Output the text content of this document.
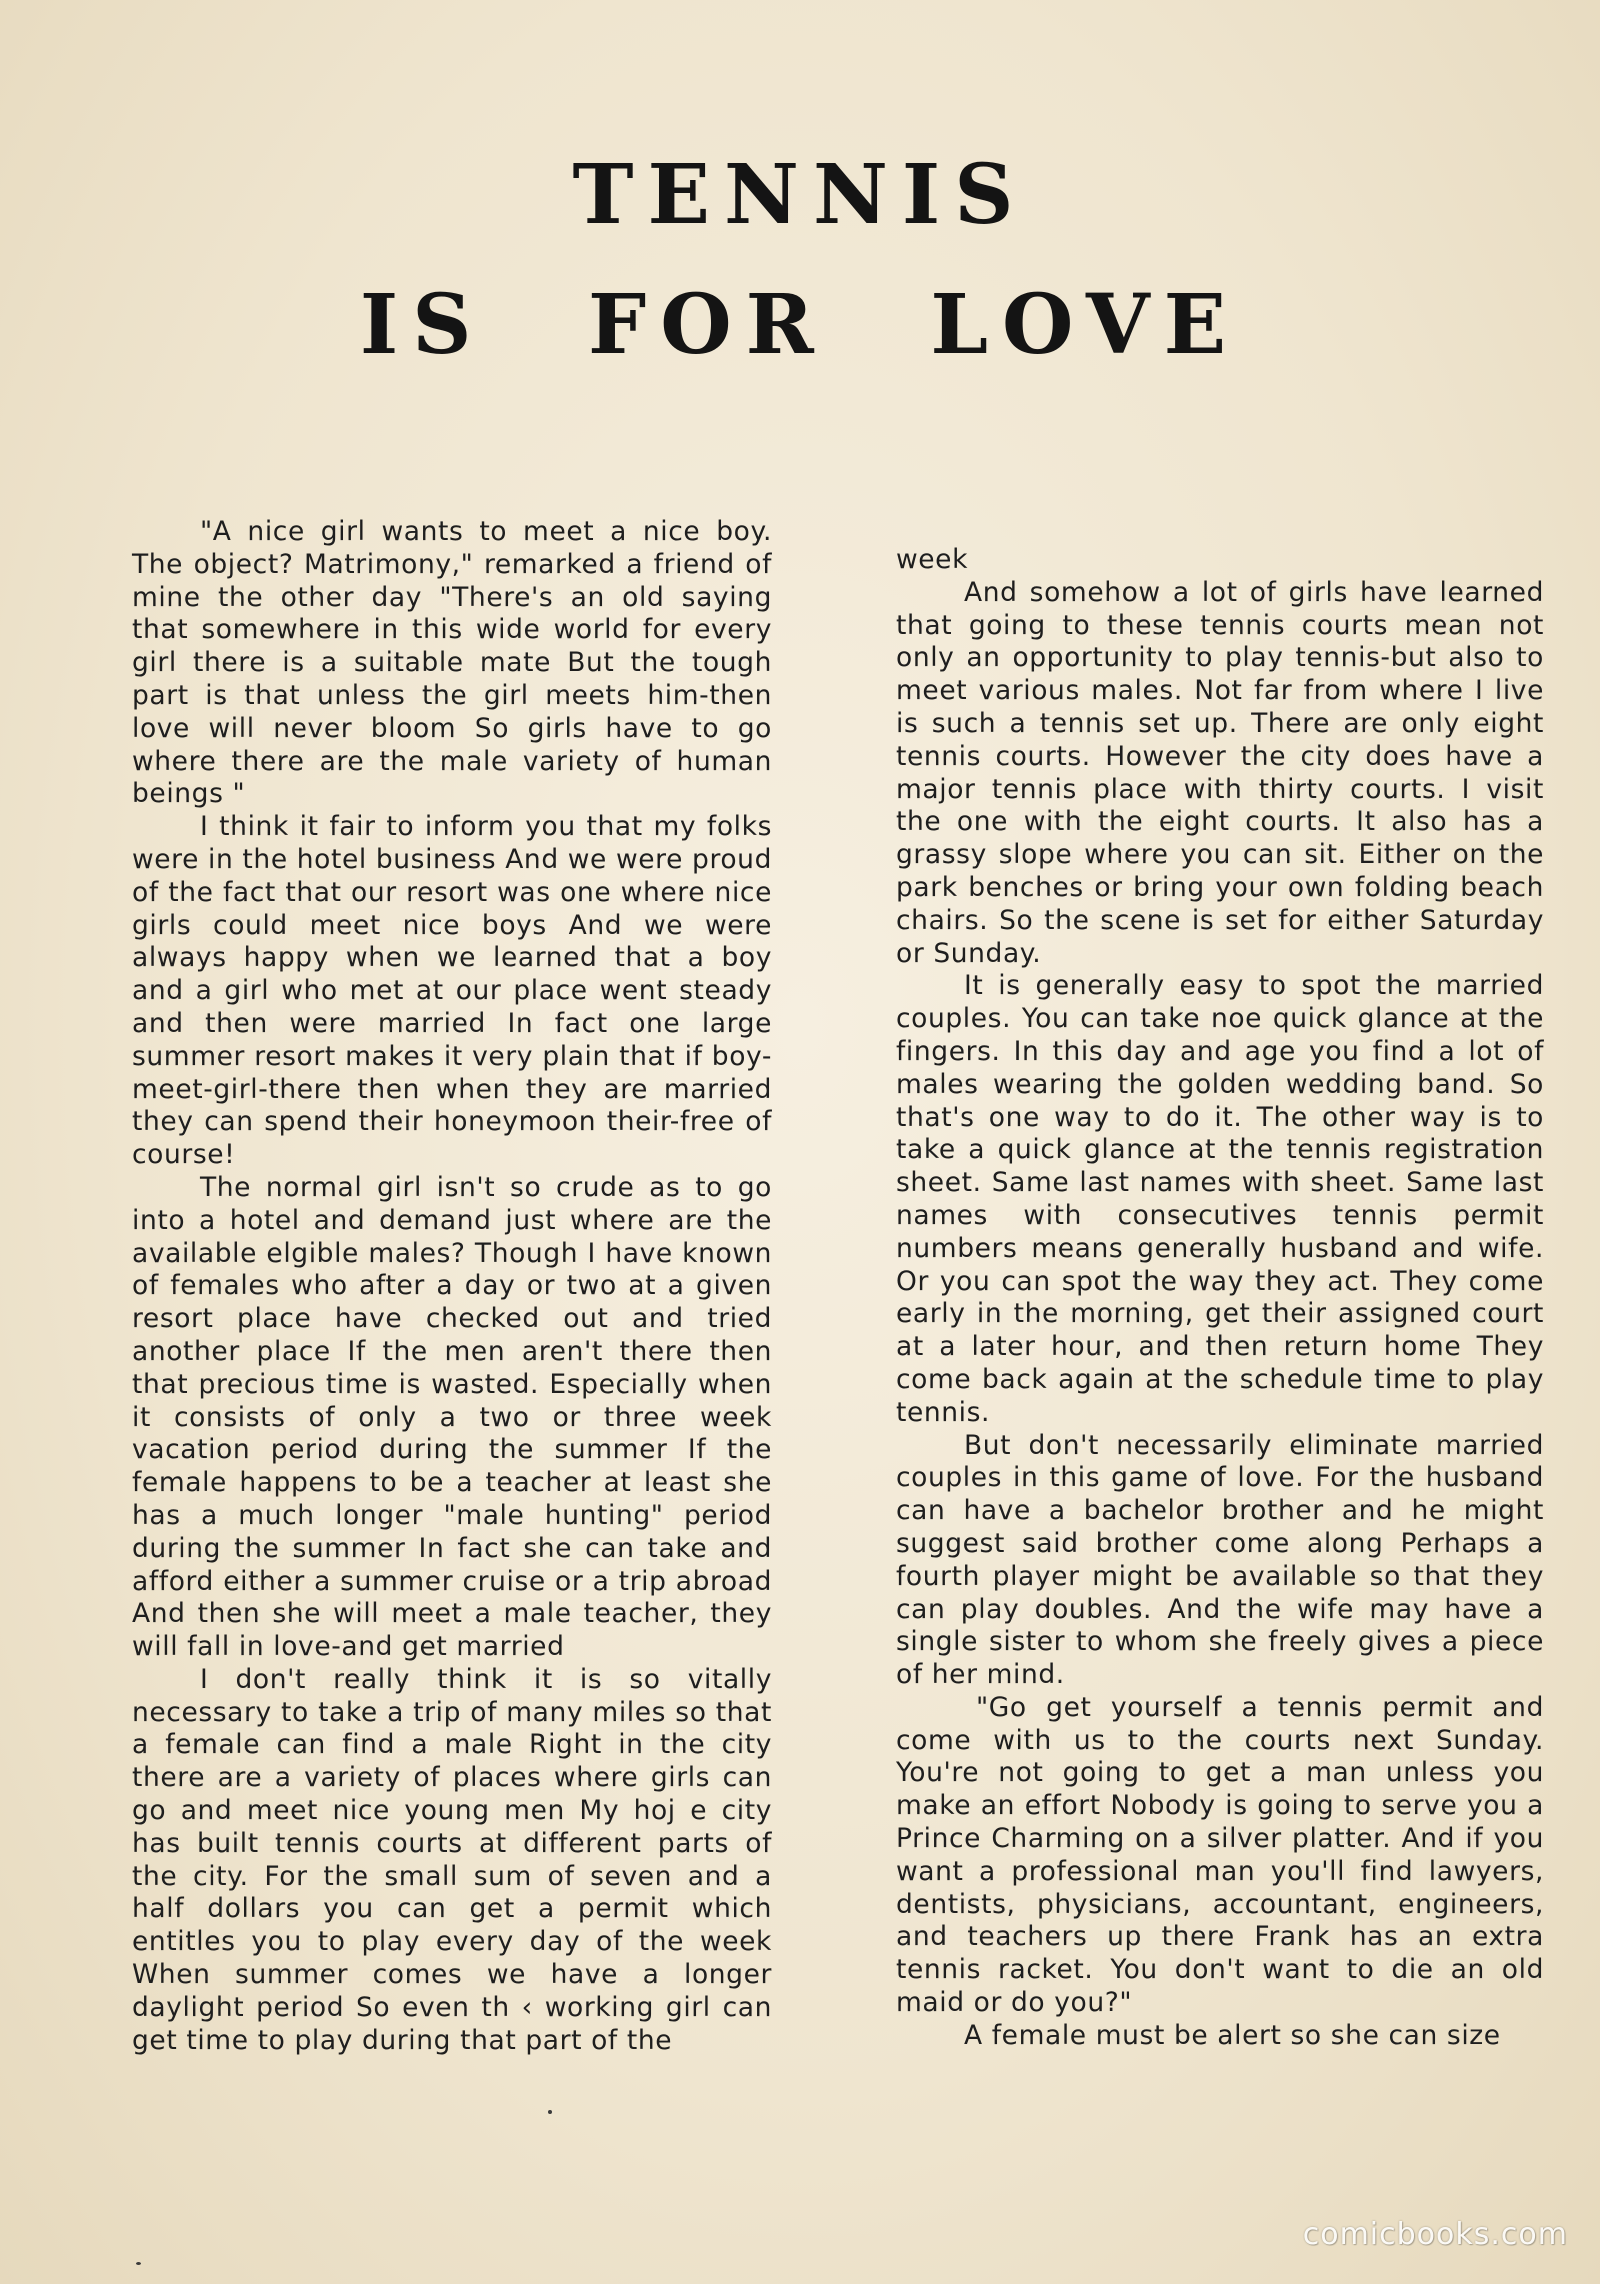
TENNIS
IS FOR LOVE

"A nice girl wants to meet a nice boy. The object? Matrimony," remarked a friend of mine the other day "There's an old saying that somewhere in this wide world for every girl there is a suitable mate But the tough part is that unless the girl meets him-then love will never bloom So girls have to go where there are the male variety of human beings "

I think it fair to inform you that my folks were in the hotel business And we were proud of the fact that our resort was one where nice girls could meet nice boys And we were always happy when we learned that a boy and a girl who met at our place went steady and then were married In fact one large summer resort makes it very plain that if boy-meet-girl-there then when they are married they can spend their honeymoon their-free of course!

The normal girl isn't so crude as to go into a hotel and demand just where are the available elgible males? Though I have known of females who after a day or two at a given resort place have checked out and tried another place If the men aren't there then that precious time is wasted. Especially when it consists of only a two or three week vacation period during the summer If the female happens to be a teacher at least she has a much longer "male hunting" period during the summer In fact she can take and afford either a summer cruise or a trip abroad And then she will meet a male teacher, they will fall in love-and get married

I don't really think it is so vitally necessary to take a trip of many miles so that a female can find a male Right in the city there are a variety of places where girls can go and meet nice young men My hoj e city has built tennis courts at different parts of the city. For the small sum of seven and a half dollars you can get a permit which entitles you to play every day of the week When summer comes we have a longer daylight period So even th ‹ working girl can get time to play during that part of the

week

And somehow a lot of girls have learned that going to these tennis courts mean not only an opportunity to play tennis-but also to meet various males. Not far from where I live is such a tennis set up. There are only eight tennis courts. However the city does have a major tennis place with thirty courts. I visit the one with the eight courts. It also has a grassy slope where you can sit. Either on the park benches or bring your own folding beach chairs. So the scene is set for either Saturday or Sunday.

It is generally easy to spot the married couples. You can take noe quick glance at the fingers. In this day and age you find a lot of males wearing the golden wedding band. So that's one way to do it. The other way is to take a quick glance at the tennis registration sheet. Same last names with sheet. Same last names with consecutives tennis permit numbers means generally husband and wife. Or you can spot the way they act. They come early in the morning, get their assigned court at a later hour, and then return home They come back again at the schedule time to play tennis.

But don't necessarily eliminate married couples in this game of love. For the husband can have a bachelor brother and he might suggest said brother come along Perhaps a fourth player might be available so that they can play doubles. And the wife may have a single sister to whom she freely gives a piece of her mind.

"Go get yourself a tennis permit and come with us to the courts next Sunday. You're not going to get a man unless you make an effort Nobody is going to serve you a Prince Charming on a silver platter. And if you want a professional man you'll find lawyers, dentists, physicians, accountant, engineers, and teachers up there Frank has an extra tennis racket. You don't want to die an old maid or do you?"

A female must be alert so she can size

comicbooks.com
